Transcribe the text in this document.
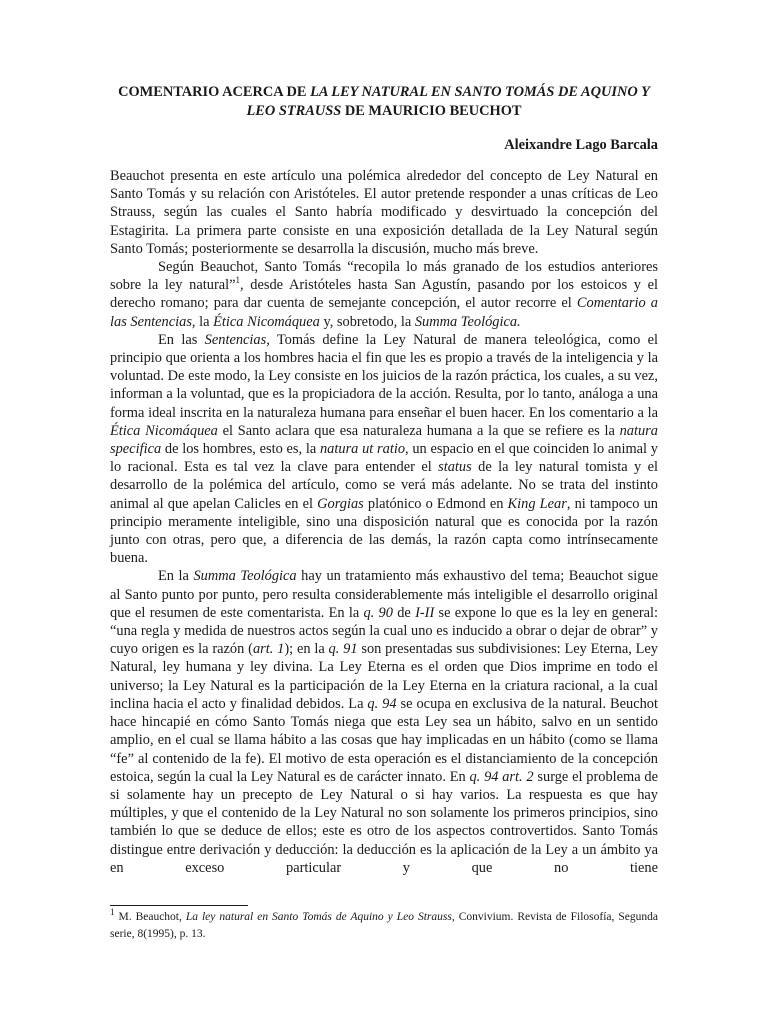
COMENTARIO ACERCA DE LA LEY NATURAL EN SANTO TOMÁS DE AQUINO Y LEO STRAUSS DE MAURICIO BEUCHOT
Aleixandre Lago Barcala

Beauchot presenta en este artículo una polémica alrededor del concepto de Ley Natural en Santo Tomás y su relación con Aristóteles. El autor pretende responder a unas críticas de Leo Strauss, según las cuales el Santo habría modificado y desvirtuado la concepción del Estagirita. La primera parte consiste en una exposición detallada de la Ley Natural según Santo Tomás; posteriormente se desarrolla la discusión, mucho más breve.

Según Beauchot, Santo Tomás “recopila lo más granado de los estudios anteriores sobre la ley natural”$^1$, desde Aristóteles hasta San Agustín, pasando por los estoicos y el derecho romano; para dar cuenta de semejante concepción, el autor recorre el Comentario a las Sentencias, la Ética Nicomáquea y, sobretodo, la Summa Teológica.

En las Sentencias, Tomás define la Ley Natural de manera teleológica, como el principio que orienta a los hombres hacia el fin que les es propio a través de la inteligencia y la voluntad. De este modo, la Ley consiste en los juicios de la razón práctica, los cuales, a su vez, informan a la voluntad, que es la propiciadora de la acción. Resulta, por lo tanto, análoga a una forma ideal inscrita en la naturaleza humana para enseñar el buen hacer. En los comentario a la Ética Nicomáquea el Santo aclara que esa naturaleza humana a la que se refiere es la natura specifica de los hombres, esto es, la natura ut ratio, un espacio en el que coinciden lo animal y lo racional. Esta es tal vez la clave para entender el status de la ley natural tomista y el desarrollo de la polémica del artículo, como se verá más adelante. No se trata del instinto animal al que apelan Calicles en el Gorgias platónico o Edmond en King Lear, ni tampoco un principio meramente inteligible, sino una disposición natural que es conocida por la razón junto con otras, pero que, a diferencia de las demás, la razón capta como intrínsecamente buena.

En la Summa Teológica hay un tratamiento más exhaustivo del tema; Beauchot sigue al Santo punto por punto, pero resulta considerablemente más inteligible el desarrollo original que el resumen de este comentarista. En la q. 90 de I-II se expone lo que es la ley en general: “una regla y medida de nuestros actos según la cual uno es inducido a obrar o dejar de obrar” y cuyo origen es la razón (art. 1); en la q. 91 son presentadas sus subdivisiones: Ley Eterna, Ley Natural, ley humana y ley divina. La Ley Eterna es el orden que Dios imprime en todo el universo; la Ley Natural es la participación de la Ley Eterna en la criatura racional, a la cual inclina hacia el acto y finalidad debidos. La q. 94 se ocupa en exclusiva de la natural. Beuchot hace hincapié en cómo Santo Tomás niega que esta Ley sea un hábito, salvo en un sentido amplio, en el cual se llama hábito a las cosas que hay implicadas en un hábito (como se llama “fe” al contenido de la fe). El motivo de esta operación es el distanciamiento de la concepción estoica, según la cual la Ley Natural es de carácter innato. En q. 94 art. 2 surge el problema de si solamente hay un precepto de Ley Natural o si hay varios. La respuesta es que hay múltiples, y que el contenido de la Ley Natural no son solamente los primeros principios, sino también lo que se deduce de ellos; este es otro de los aspectos controvertidos. Santo Tomás distingue entre derivación y deducción: la deducción es la aplicación de la Ley a un ámbito ya en exceso particular y que no tiene

$^1$ M. Beauchot, La ley natural en Santo Tomás de Aquino y Leo Strauss, Convivium. Revista de Filosofía, Segunda serie, 8(1995), p. 13.
